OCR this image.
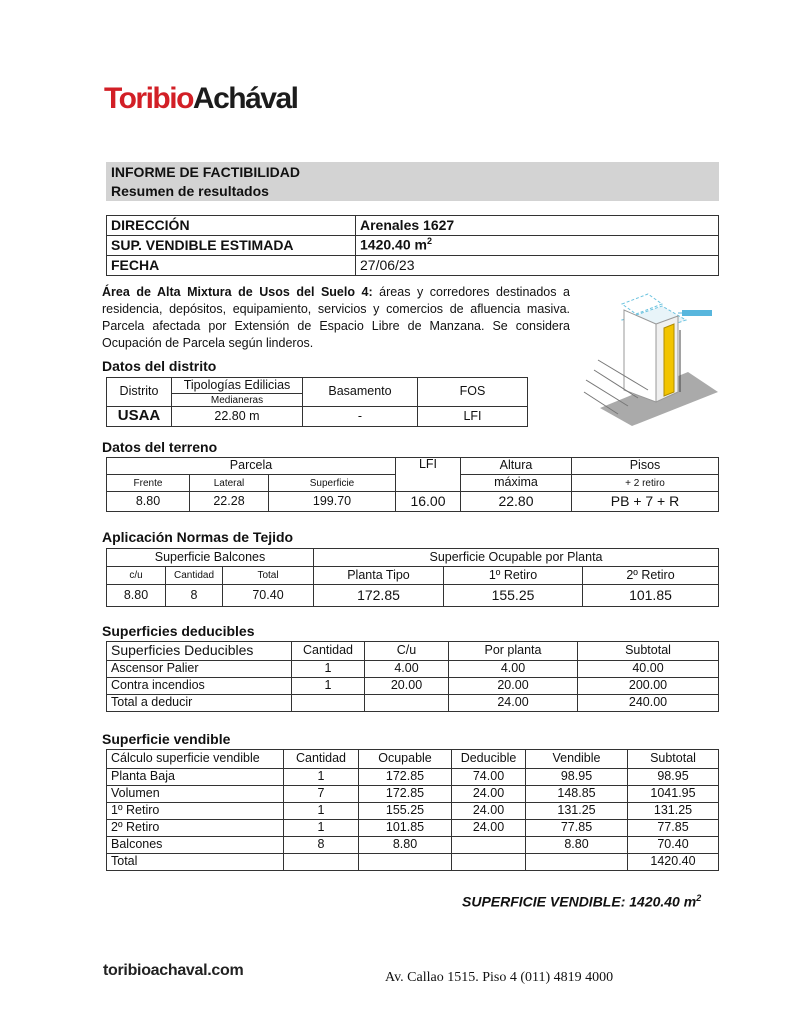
ToribioAchával
INFORME DE FACTIBILIDAD
Resumen de resultados
DIRECCIÓN	Arenales 1627
SUP. VENDIBLE ESTIMADA	1420.40 $m^2$
FECHA	27/06/23
Área de Alta Mixtura de Usos del Suelo 4: áreas y corredores destinados a residencia, depósitos, equipamiento, servicios y comercios de afluencia masiva. Parcela afectada por Extensión de Espacio Libre de Manzana. Se considera Ocupación de Parcela según linderos.
Datos del distrito
Distrito	Tipologías Edilicias	Basamento	FOS
	Medianeras		
USAA	22.80 m	-	LFI
Datos del terreno
Parcela			LFI	Altura	Pisos
Frente	Lateral	Superficie		máxima	+ 2 retiro
8.80	22.28	199.70	16.00	22.80	PB + 7 + R
Aplicación Normas de Tejido
Superficie Balcones			Superficie Ocupable por Planta		
c/u	Cantidad	Total	Planta Tipo	1º Retiro	2º Retiro
8.80	8	70.40	172.85	155.25	101.85
Superficies deducibles
Superficies Deducibles	Cantidad	C/u	Por planta	Subtotal
Ascensor Palier	1	4.00	4.00	40.00
Contra incendios	1	20.00	20.00	200.00
Total a deducir			24.00	240.00
Superficie vendible
Cálculo superficie vendible	Cantidad	Ocupable	Deducible	Vendible	Subtotal
Planta Baja	1	172.85	74.00	98.95	98.95
Volumen	7	172.85	24.00	148.85	1041.95
1º Retiro	1	155.25	24.00	131.25	131.25
2º Retiro	1	101.85	24.00	77.85	77.85
Balcones	8	8.80		8.80	70.40
Total					1420.40
SUPERFICIE VENDIBLE: 1420.40 $m^2$
toribioachaval.com	Av. Callao 1515. Piso 4 (011) 4819 4000
